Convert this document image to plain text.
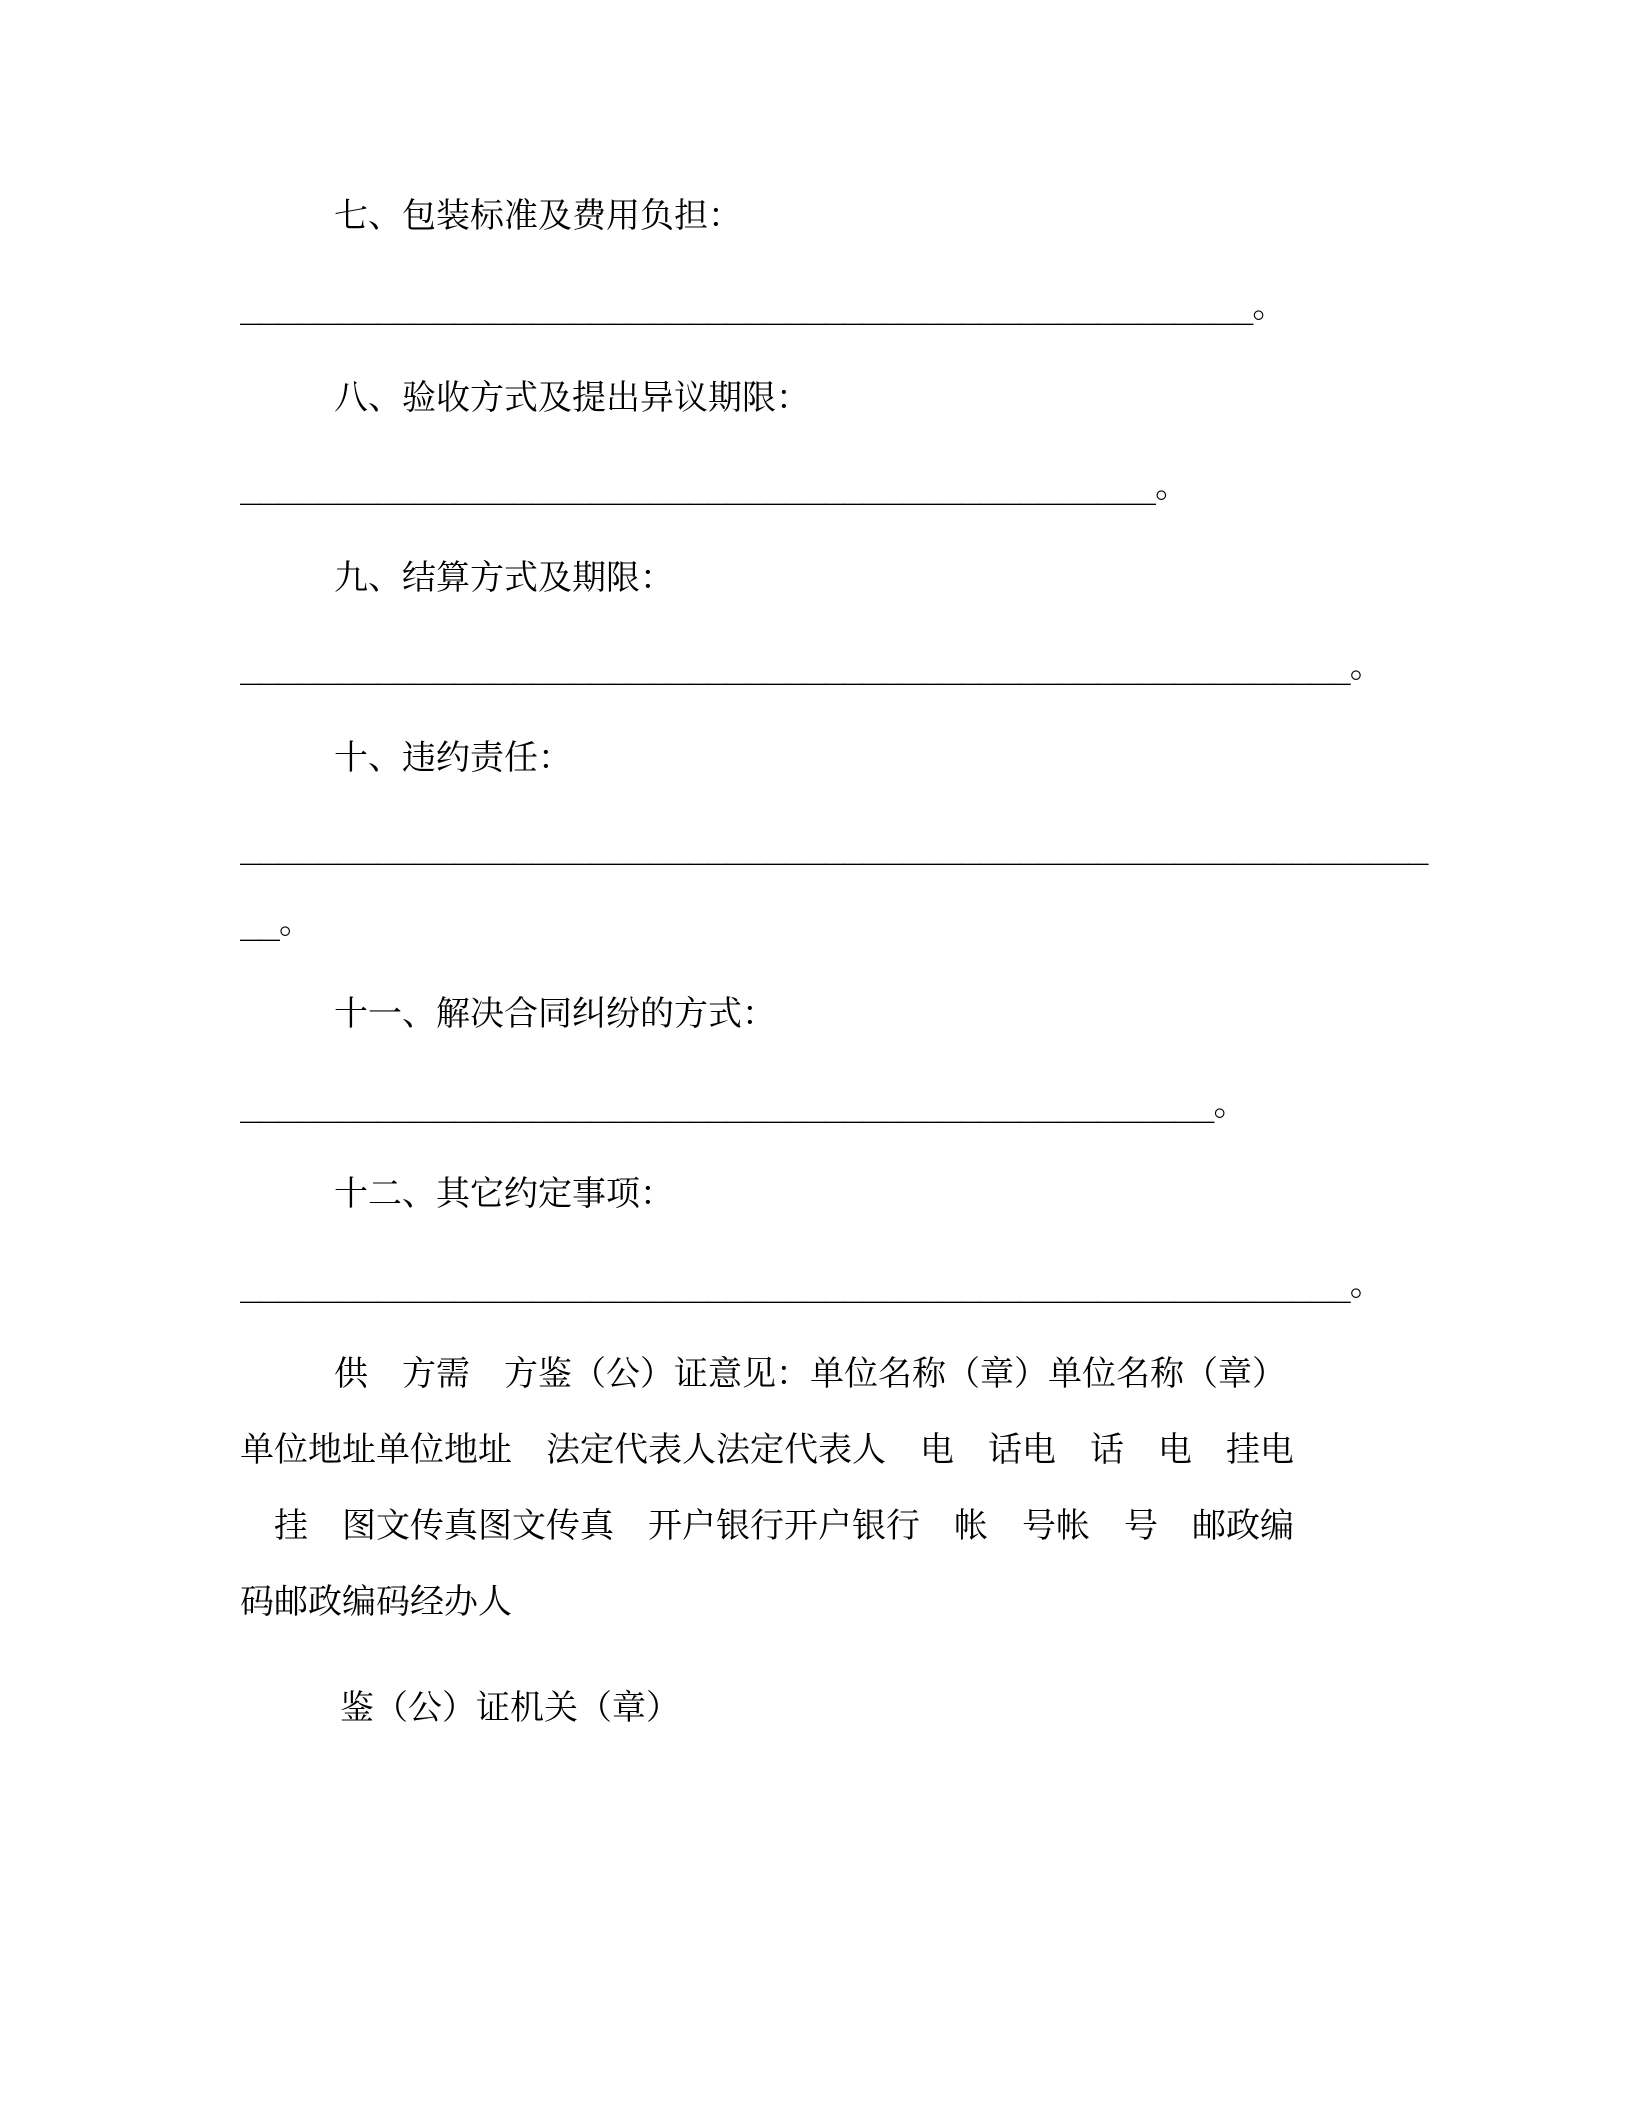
七、包装标准及费用负担：

____________________________________________________。

八、验收方式及提出异议期限：

_______________________________________________。

九、结算方式及期限：

_________________________________________________________。

十、违约责任：

_____________________________________________________________

__。

十一、解决合同纠纷的方式：

__________________________________________________。

十二、其它约定事项：

_________________________________________________________。

供　方需　方鉴（公）证意见：单位名称（章）单位名称（章）

单位地址单位地址　法定代表人法定代表人　电　话电　话　电　挂电

　挂　图文传真图文传真　开户银行开户银行　帐　号帐　号　邮政编

码邮政编码经办人

鉴（公）证机关（章）
